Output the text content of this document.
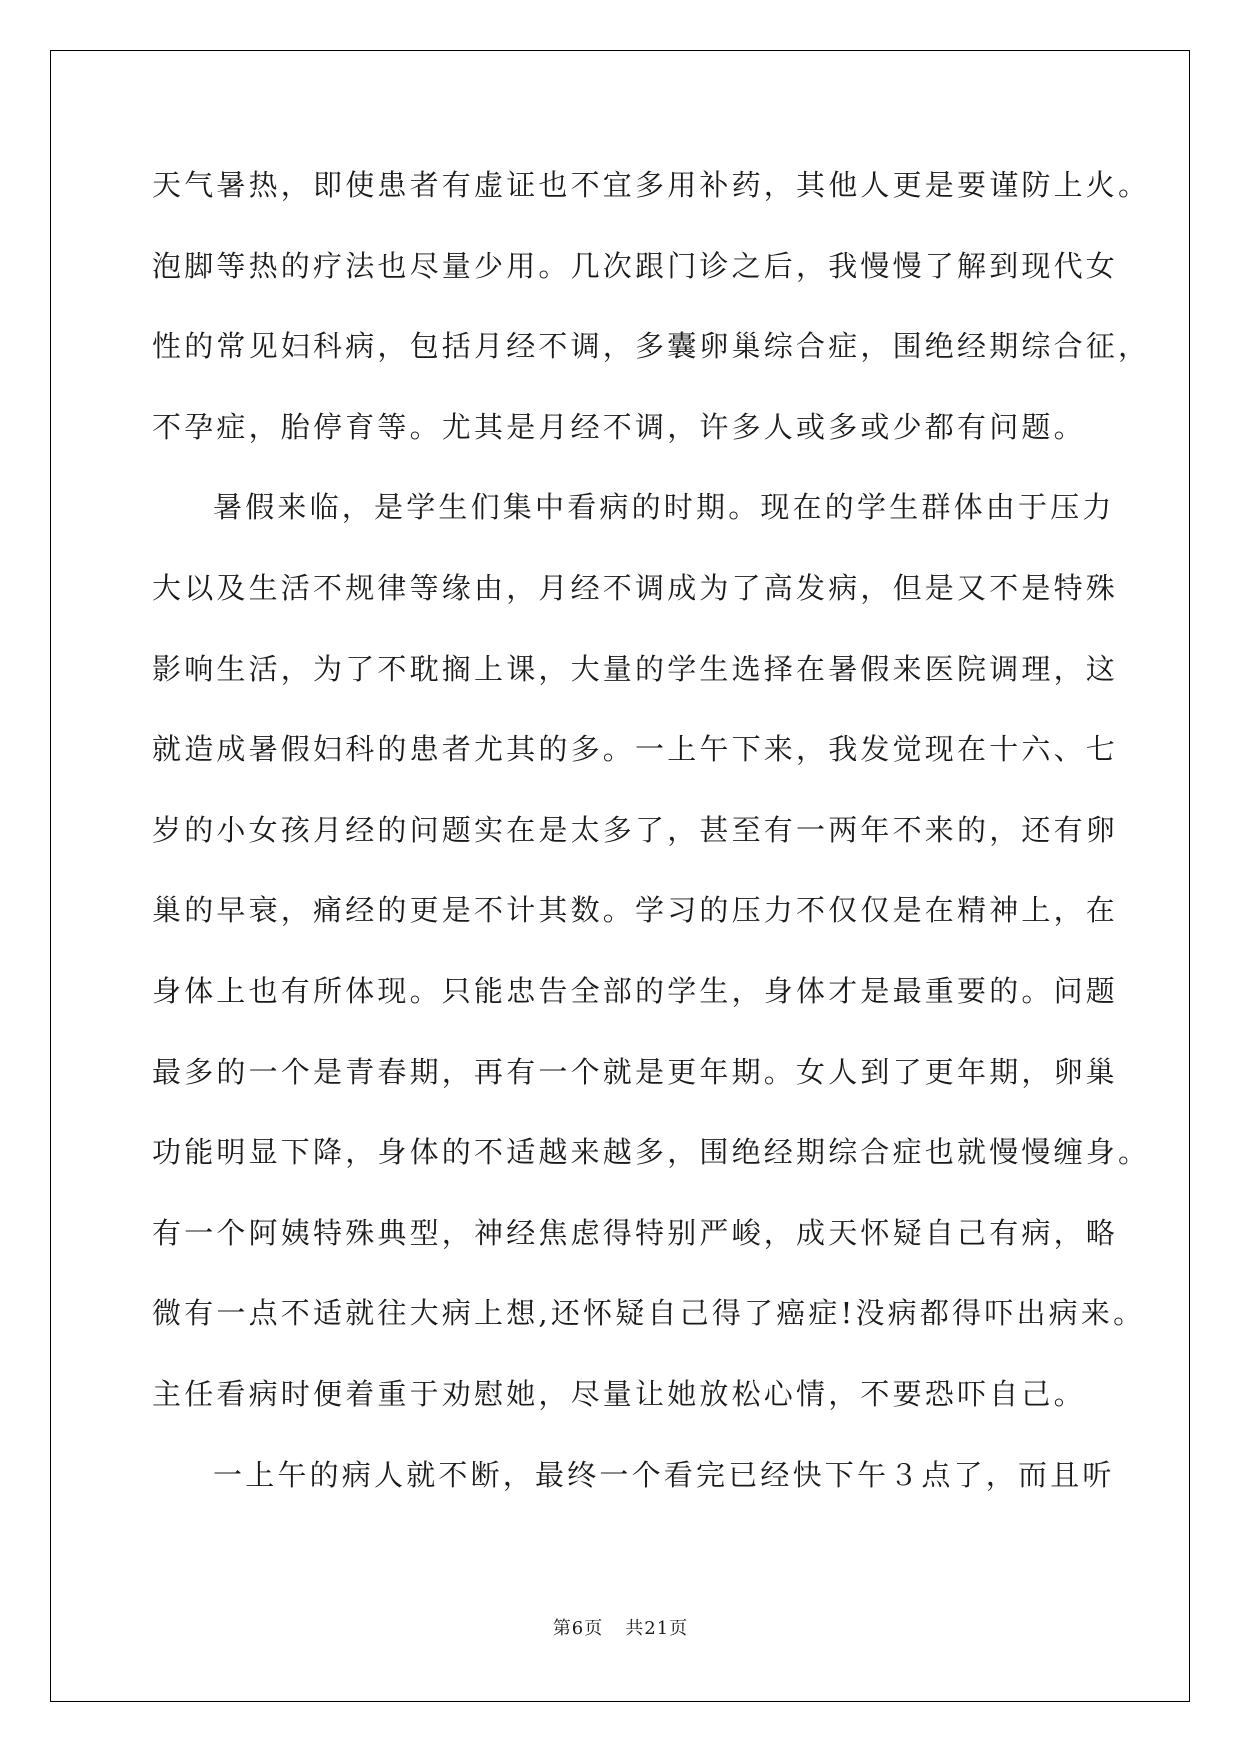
天气暑热，即使患者有虚证也不宜多用补药，其他人更是要谨防上火。
泡脚等热的疗法也尽量少用。几次跟门诊之后，我慢慢了解到现代女
性的常见妇科病，包括月经不调，多囊卵巢综合症，围绝经期综合征，
不孕症，胎停育等。尤其是月经不调，许多人或多或少都有问题。
暑假来临，是学生们集中看病的时期。现在的学生群体由于压力
大以及生活不规律等缘由，月经不调成为了高发病，但是又不是特殊
影响生活，为了不耽搁上课，大量的学生选择在暑假来医院调理，这
就造成暑假妇科的患者尤其的多。一上午下来，我发觉现在十六、七
岁的小女孩月经的问题实在是太多了，甚至有一两年不来的，还有卵
巢的早衰，痛经的更是不计其数。学习的压力不仅仅是在精神上，在
身体上也有所体现。只能忠告全部的学生，身体才是最重要的。问题
最多的一个是青春期，再有一个就是更年期。女人到了更年期，卵巢
功能明显下降，身体的不适越来越多，围绝经期综合症也就慢慢缠身。
有一个阿姨特殊典型，神经焦虑得特别严峻，成天怀疑自己有病，略
微有一点不适就往大病上想,还怀疑自己得了癌症!没病都得吓出病来。
主任看病时便着重于劝慰她，尽量让她放松心情，不要恐吓自己。
一上午的病人就不断，最终一个看完已经快下午３点了，而且听
第6页 共21页
